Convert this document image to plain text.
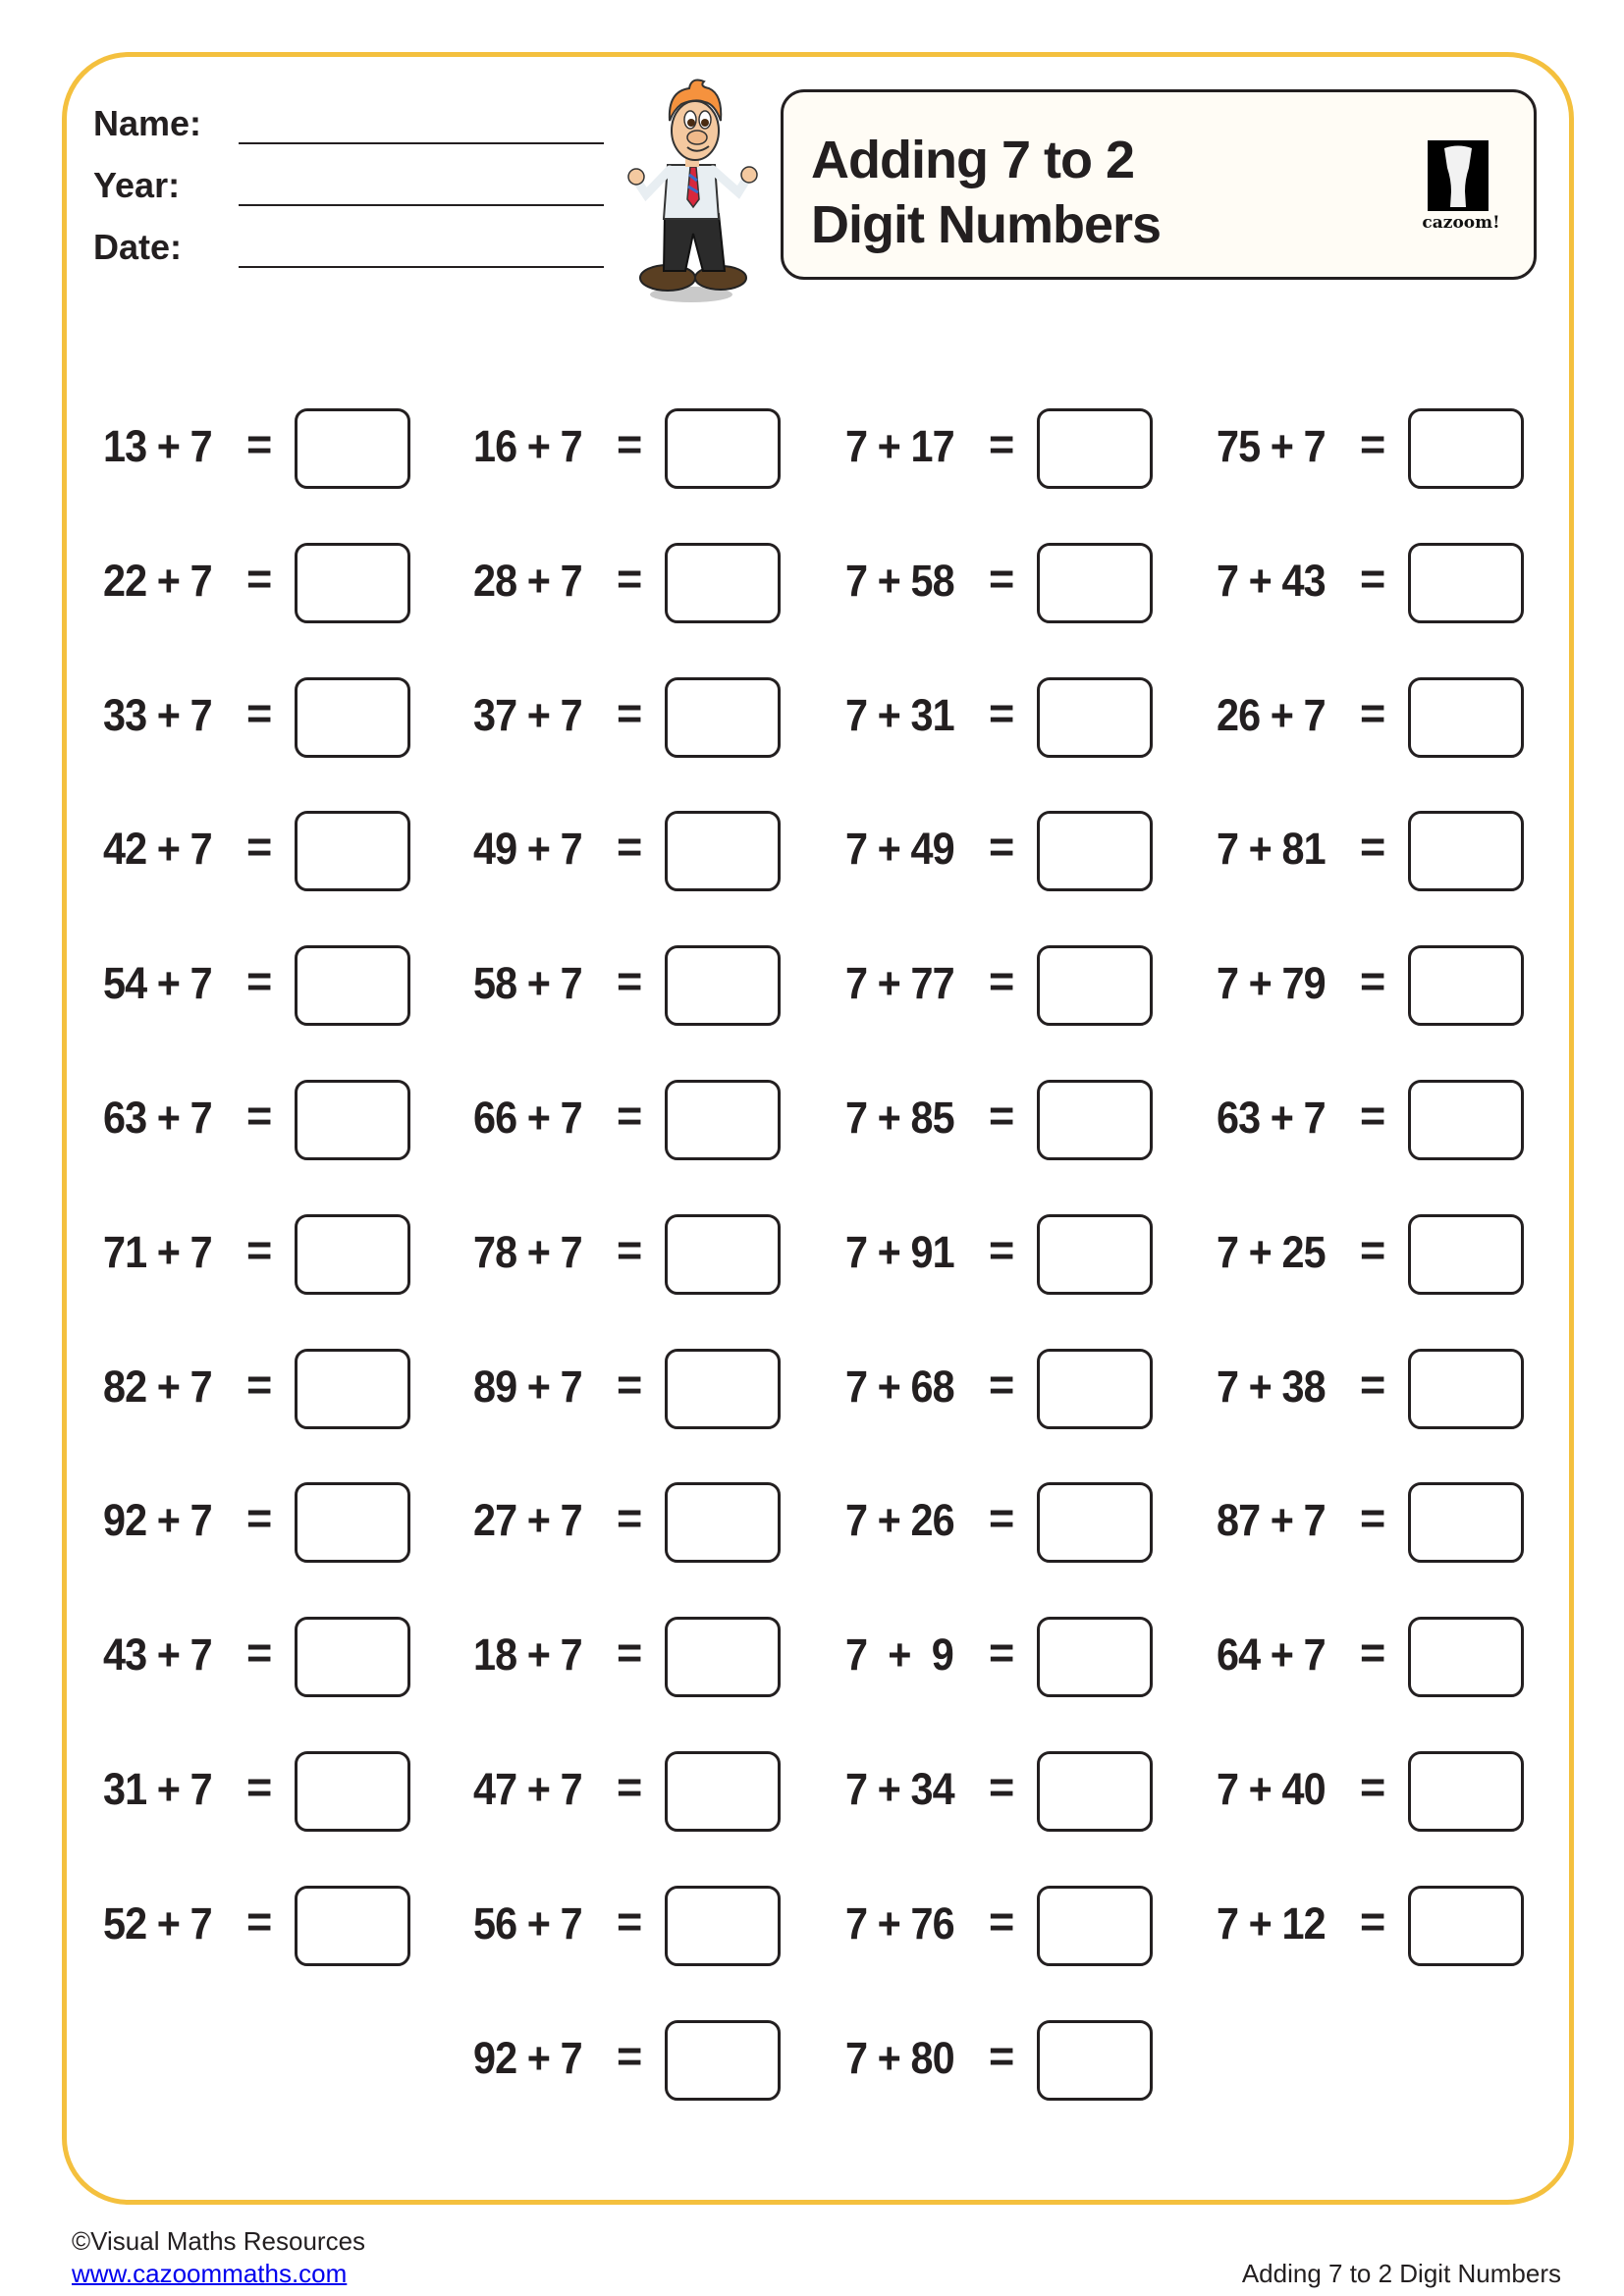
Name:
Year:
Date:
Adding 7 to 2
Digit Numbers	cazoom!
13 + 7 =	16 + 7 =	7 + 17 =	75 + 7 =
22 + 7 =	28 + 7 =	7 + 58 =	7 + 43 =
33 + 7 =	37 + 7 =	7 + 31 =	26 + 7 =
42 + 7 =	49 + 7 =	7 + 49 =	7 + 81 =
54 + 7 =	58 + 7 =	7 + 77 =	7 + 79 =
63 + 7 =	66 + 7 =	7 + 85 =	63 + 7 =
71 + 7 =	78 + 7 =	7 + 91 =	7 + 25 =
82 + 7 =	89 + 7 =	7 + 68 =	7 + 38 =
92 + 7 =	27 + 7 =	7 + 26 =	87 + 7 =
43 + 7 =	18 + 7 =	7  +  9 =	64 + 7 =
31 + 7 =	47 + 7 =	7 + 34 =	7 + 40 =
52 + 7 =	56 + 7 =	7 + 76 =	7 + 12 =
92 + 7 =	7 + 80 =
©Visual Maths Resources
www.cazoommaths.com	Adding 7 to 2 Digit Numbers
